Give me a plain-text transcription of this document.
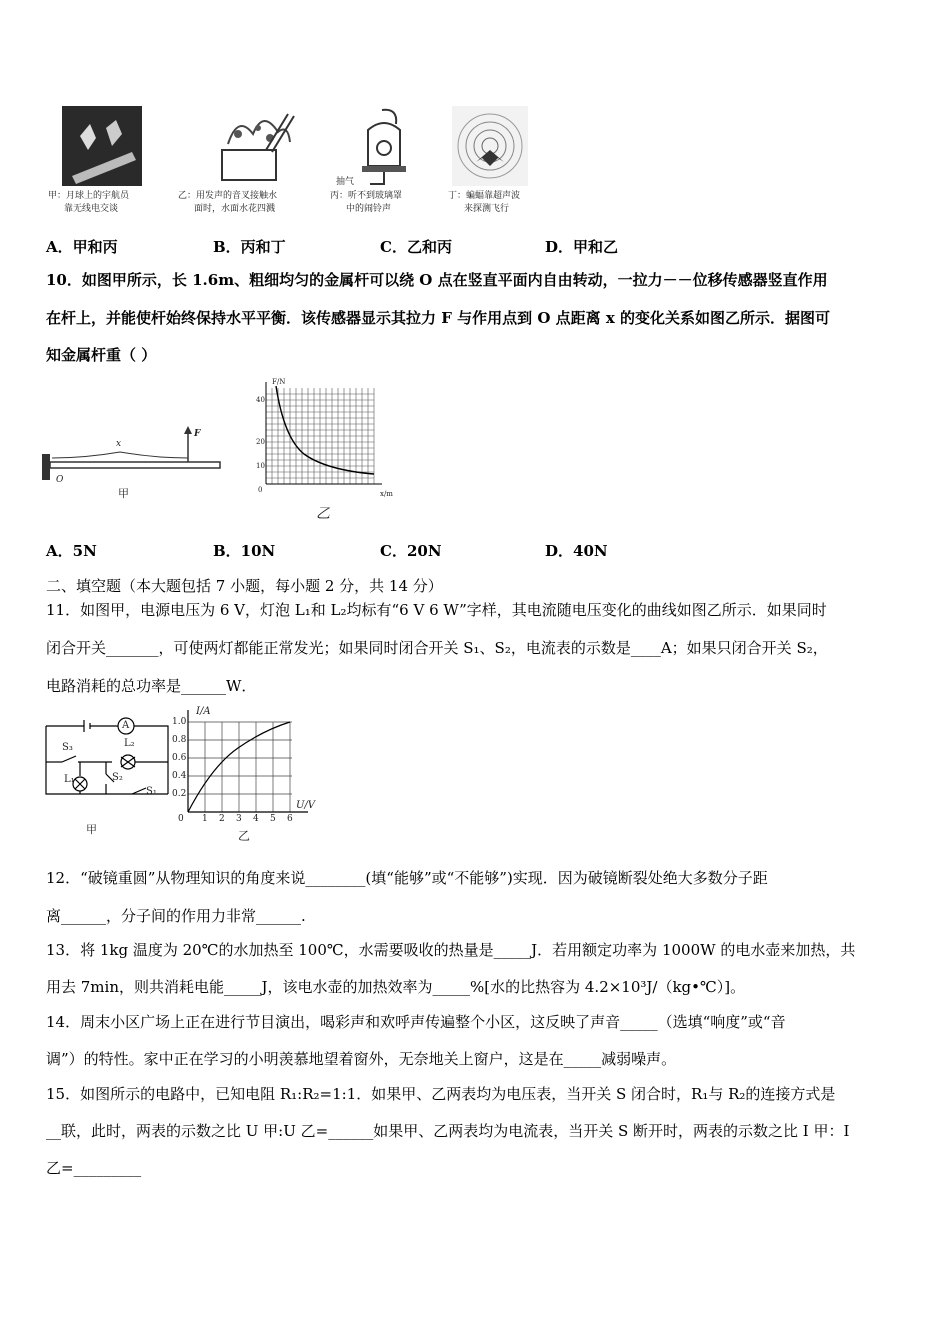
甲：月球上的宇航员
靠无线电交谈
乙：用发声的音叉接触水
面时，水面水花四溅
抽气
丙：听不到玻璃罩
中的闹铃声
丁：蝙蝠靠超声波
来探测飞行
A．甲和丙	B．丙和丁	C．乙和丙	D．甲和乙
10．如图甲所示，长 1.6m、粗细均匀的金属杆可以绕 O 点在竖直平面内自由转动，一拉力－－位移传感器竖直作用
在杆上，并能使杆始终保持水平平衡．该传感器显示其拉力 F 与作用点到 O 点距离 x 的变化关系如图乙所示．据图可
知金属杆重（ ）
x
F
O
甲
F/N
x/m
40
20
10
0
乙
A．5N	B．10N	C．20N	D．40N
二、填空题（本大题包括 7 小题，每小题 2 分，共 14 分）
11．如图甲，电源电压为 6 V，灯泡 L₁和 L₂均标有“6 V 6 W”字样，其电流随电压变化的曲线如图乙所示．如果同时
闭合开关_______，可使两灯都能正常发光；如果同时闭合开关 S₁、S₂，电流表的示数是____A；如果只闭合开关 S₂，
电路消耗的总功率是______W．
A
S₃	L₂
L₁	S₂
S₁
甲
I/A
U/V
1.0
0.8
0.6
0.4
0.2
0 1 2 3 4 5 6
乙
12．“破镜重圆”从物理知识的角度来说________(填“能够”或“不能够”)实现．因为破镜断裂处绝大多数分子距
离______，分子间的作用力非常______.
13．将 1kg 温度为 20℃的水加热至 100℃，水需要吸收的热量是_____J．若用额定功率为 1000W 的电水壶来加热，共
用去 7min，则共消耗电能_____J，该电水壶的加热效率为_____%[水的比热容为 4.2×10³J/（kg•℃）]。
14．周末小区广场上正在进行节目演出，喝彩声和欢呼声传遍整个小区，这反映了声音_____（选填“响度”或“音
调”）的特性。家中正在学习的小明羡慕地望着窗外，无奈地关上窗户，这是在_____减弱噪声。
15．如图所示的电路中，已知电阻 R₁:R₂=1:1．如果甲、乙两表均为电压表，当开关 S 闭合时，R₁与 R₂的连接方式是
__联，此时，两表的示数之比 U 甲:U 乙=______如果甲、乙两表均为电流表，当开关 S 断开时，两表的示数之比 I 甲：I
乙=_________
